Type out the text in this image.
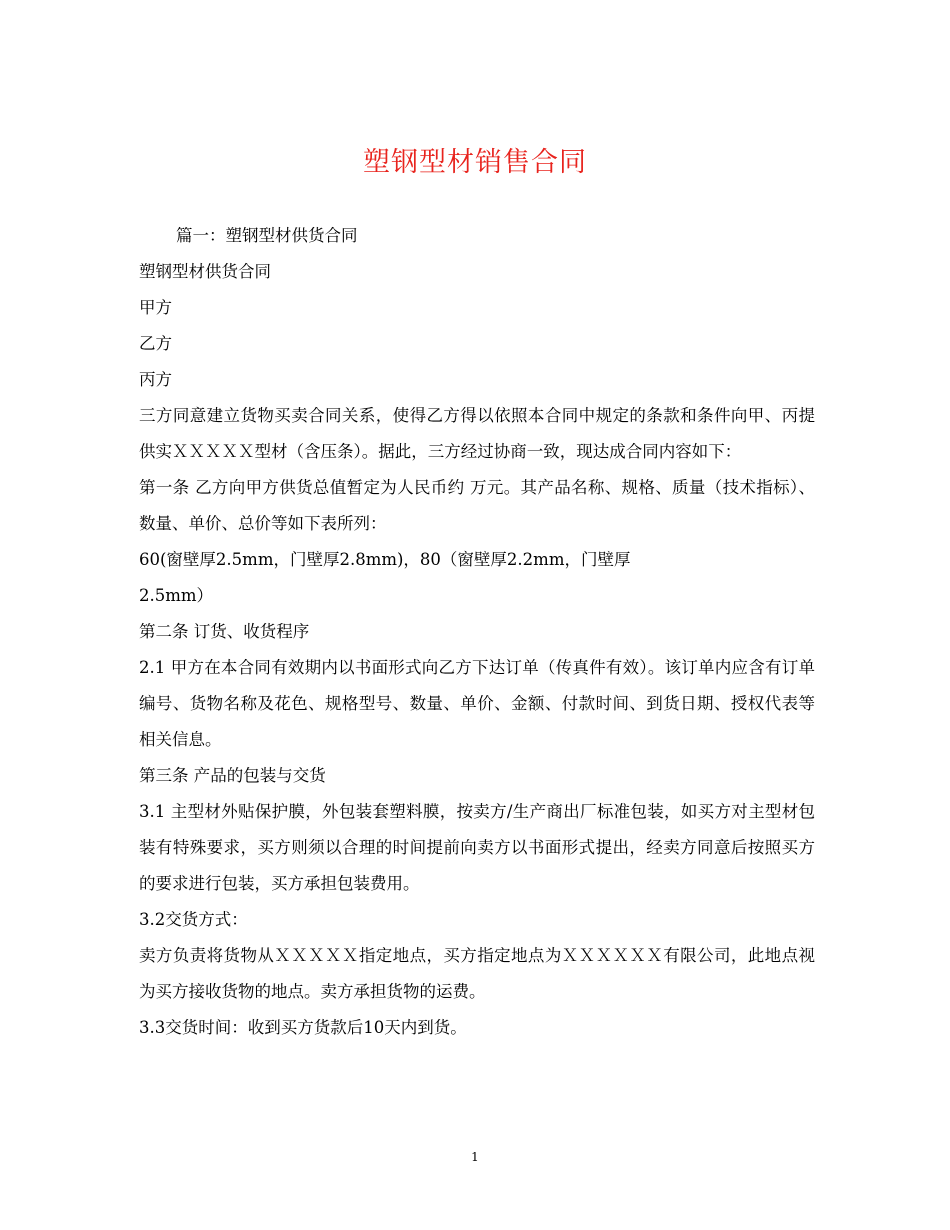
塑钢型材销售合同

篇一：塑钢型材供货合同

塑钢型材供货合同

甲方

乙方

丙方

三方同意建立货物买卖合同关系，使得乙方得以依照本合同中规定的条款和条件向甲、丙提供实ＸＸＸＸＸ型材（含压条）。据此，三方经过协商一致，现达成合同内容如下：

第一条 乙方向甲方供货总值暂定为人民币约 万元。其产品名称、规格、质量（技术指标）、数量、单价、总价等如下表所列：

60(窗壁厚2.5mm，门壁厚2.8mm)，80（窗壁厚2.2mm，门壁厚

2.5mm）

第二条 订货、收货程序

2.1 甲方在本合同有效期内以书面形式向乙方下达订单（传真件有效）。该订单内应含有订单编号、货物名称及花色、规格型号、数量、单价、金额、付款时间、到货日期、授权代表等相关信息。

第三条 产品的包装与交货

3.1 主型材外贴保护膜，外包装套塑料膜，按卖方/生产商出厂标准包装，如买方对主型材包装有特殊要求，买方则须以合理的时间提前向卖方以书面形式提出，经卖方同意后按照买方的要求进行包装，买方承担包装费用。

3.2交货方式：

卖方负责将货物从ＸＸＸＸＸ指定地点，买方指定地点为ＸＸＸＸＸＸ有限公司，此地点视为买方接收货物的地点。卖方承担货物的运费。

3.3交货时间：收到买方货款后10天内到货。

1
